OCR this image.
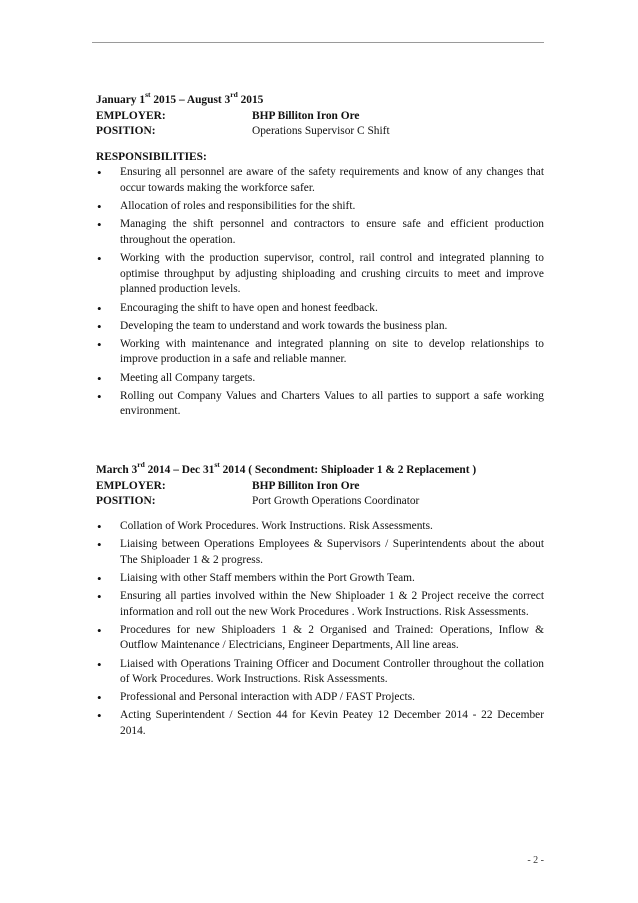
January 1st 2015 – August 3rd 2015
EMPLOYER:	BHP Billiton Iron Ore
POSITION:	Operations Supervisor C Shift
RESPONSIBILITIES:
• Ensuring all personnel are aware of the safety requirements and know of any changes that occur towards making the workforce safer.
• Allocation of roles and responsibilities for the shift.
• Managing the shift personnel and contractors to ensure safe and efficient production throughout the operation.
• Working with the production supervisor, control, rail control and integrated planning to optimise throughput by adjusting shiploading and crushing circuits to meet and improve planned production levels.
• Encouraging the shift to have open and honest feedback.
• Developing the team to understand and work towards the business plan.
• Working with maintenance and integrated planning on site to develop relationships to improve production in a safe and reliable manner.
• Meeting all Company targets.
• Rolling out Company Values and Charters Values to all parties to support a safe working environment.
March 3rd 2014 – Dec 31st 2014 ( Secondment: Shiploader 1 & 2 Replacement )
EMPLOYER:	BHP Billiton Iron Ore
POSITION:	Port Growth Operations Coordinator
• Collation of Work Procedures. Work Instructions. Risk Assessments.
• Liaising between Operations Employees & Supervisors / Superintendents about the about The Shiploader 1 & 2 progress.
• Liaising with other Staff members within the Port Growth Team.
• Ensuring all parties involved within the New Shiploader 1 & 2 Project receive the correct information and roll out the new Work Procedures . Work Instructions. Risk Assessments.
• Procedures for new Shiploaders 1 & 2 Organised and Trained: Operations, Inflow & Outflow Maintenance / Electricians, Engineer Departments, All line areas.
• Liaised with Operations Training Officer and Document Controller throughout the collation of Work Procedures. Work Instructions. Risk Assessments.
• Professional and Personal interaction with ADP / FAST Projects.
• Acting Superintendent / Section 44 for Kevin Peatey 12 December 2014 - 22 December 2014.
- 2 -
